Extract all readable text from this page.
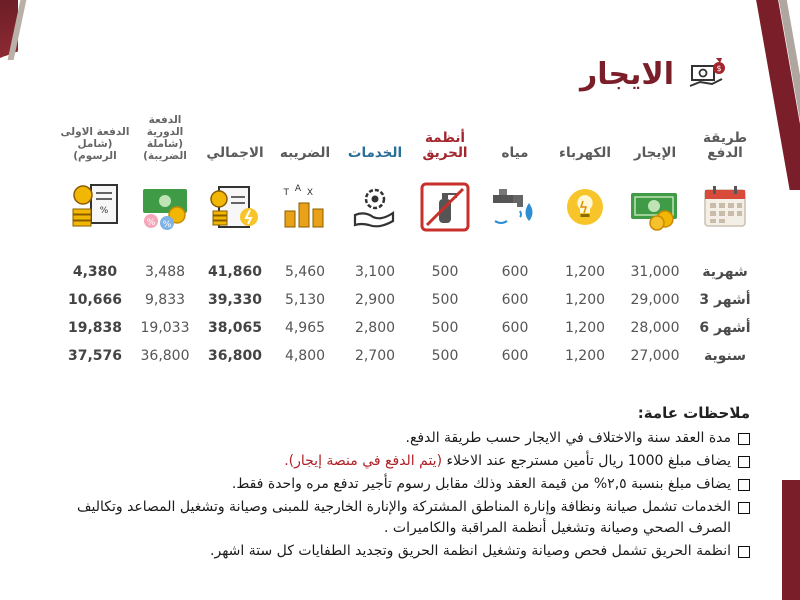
$
الايجار
طريقة الدفع
الإيجار
الكهرباء
مياه
أنظمة الحريق
الخدمات
الضريبه
الاجمالي
الدفعة الدورية (شاملة الضريبة)
الدفعة الاولى (شامل الرسوم)
T A X
% %
%
شهرية
31,000
1,200
600
500
3,100
5,460
41,860
3,488
4,380
أشهر 3
29,000
1,200
600
500
2,900
5,130
39,330
9,833
10,666
أشهر 6
28,000
1,200
600
500
2,800
4,965
38,065
19,033
19,838
سنوية
27,000
1,200
600
500
2,700
4,800
36,800
36,800
37,576
ملاحظات عامة:
مدة العقد سنة والاختلاف في الايجار حسب طريقة الدفع.
يضاف مبلغ 1000 ريال تأمين مسترجع عند الاخلاء (يتم الدفع في منصة إيجار).
يضاف مبلغ بنسبة ٢,٥% من قيمة العقد وذلك مقابل رسوم تأجير تدفع مره واحدة فقط.
الخدمات تشمل صيانة ونظافة وإنارة المناطق المشتركة والإنارة الخارجية للمبنى وصيانة وتشغيل المصاعد وتكاليف الصرف الصحي وصيانة وتشغيل أنظمة المراقبة والكاميرات .
انظمة الحريق تشمل فحص وصيانة وتشغيل انظمة الحريق وتجديد الطفايات كل ستة اشهر.
